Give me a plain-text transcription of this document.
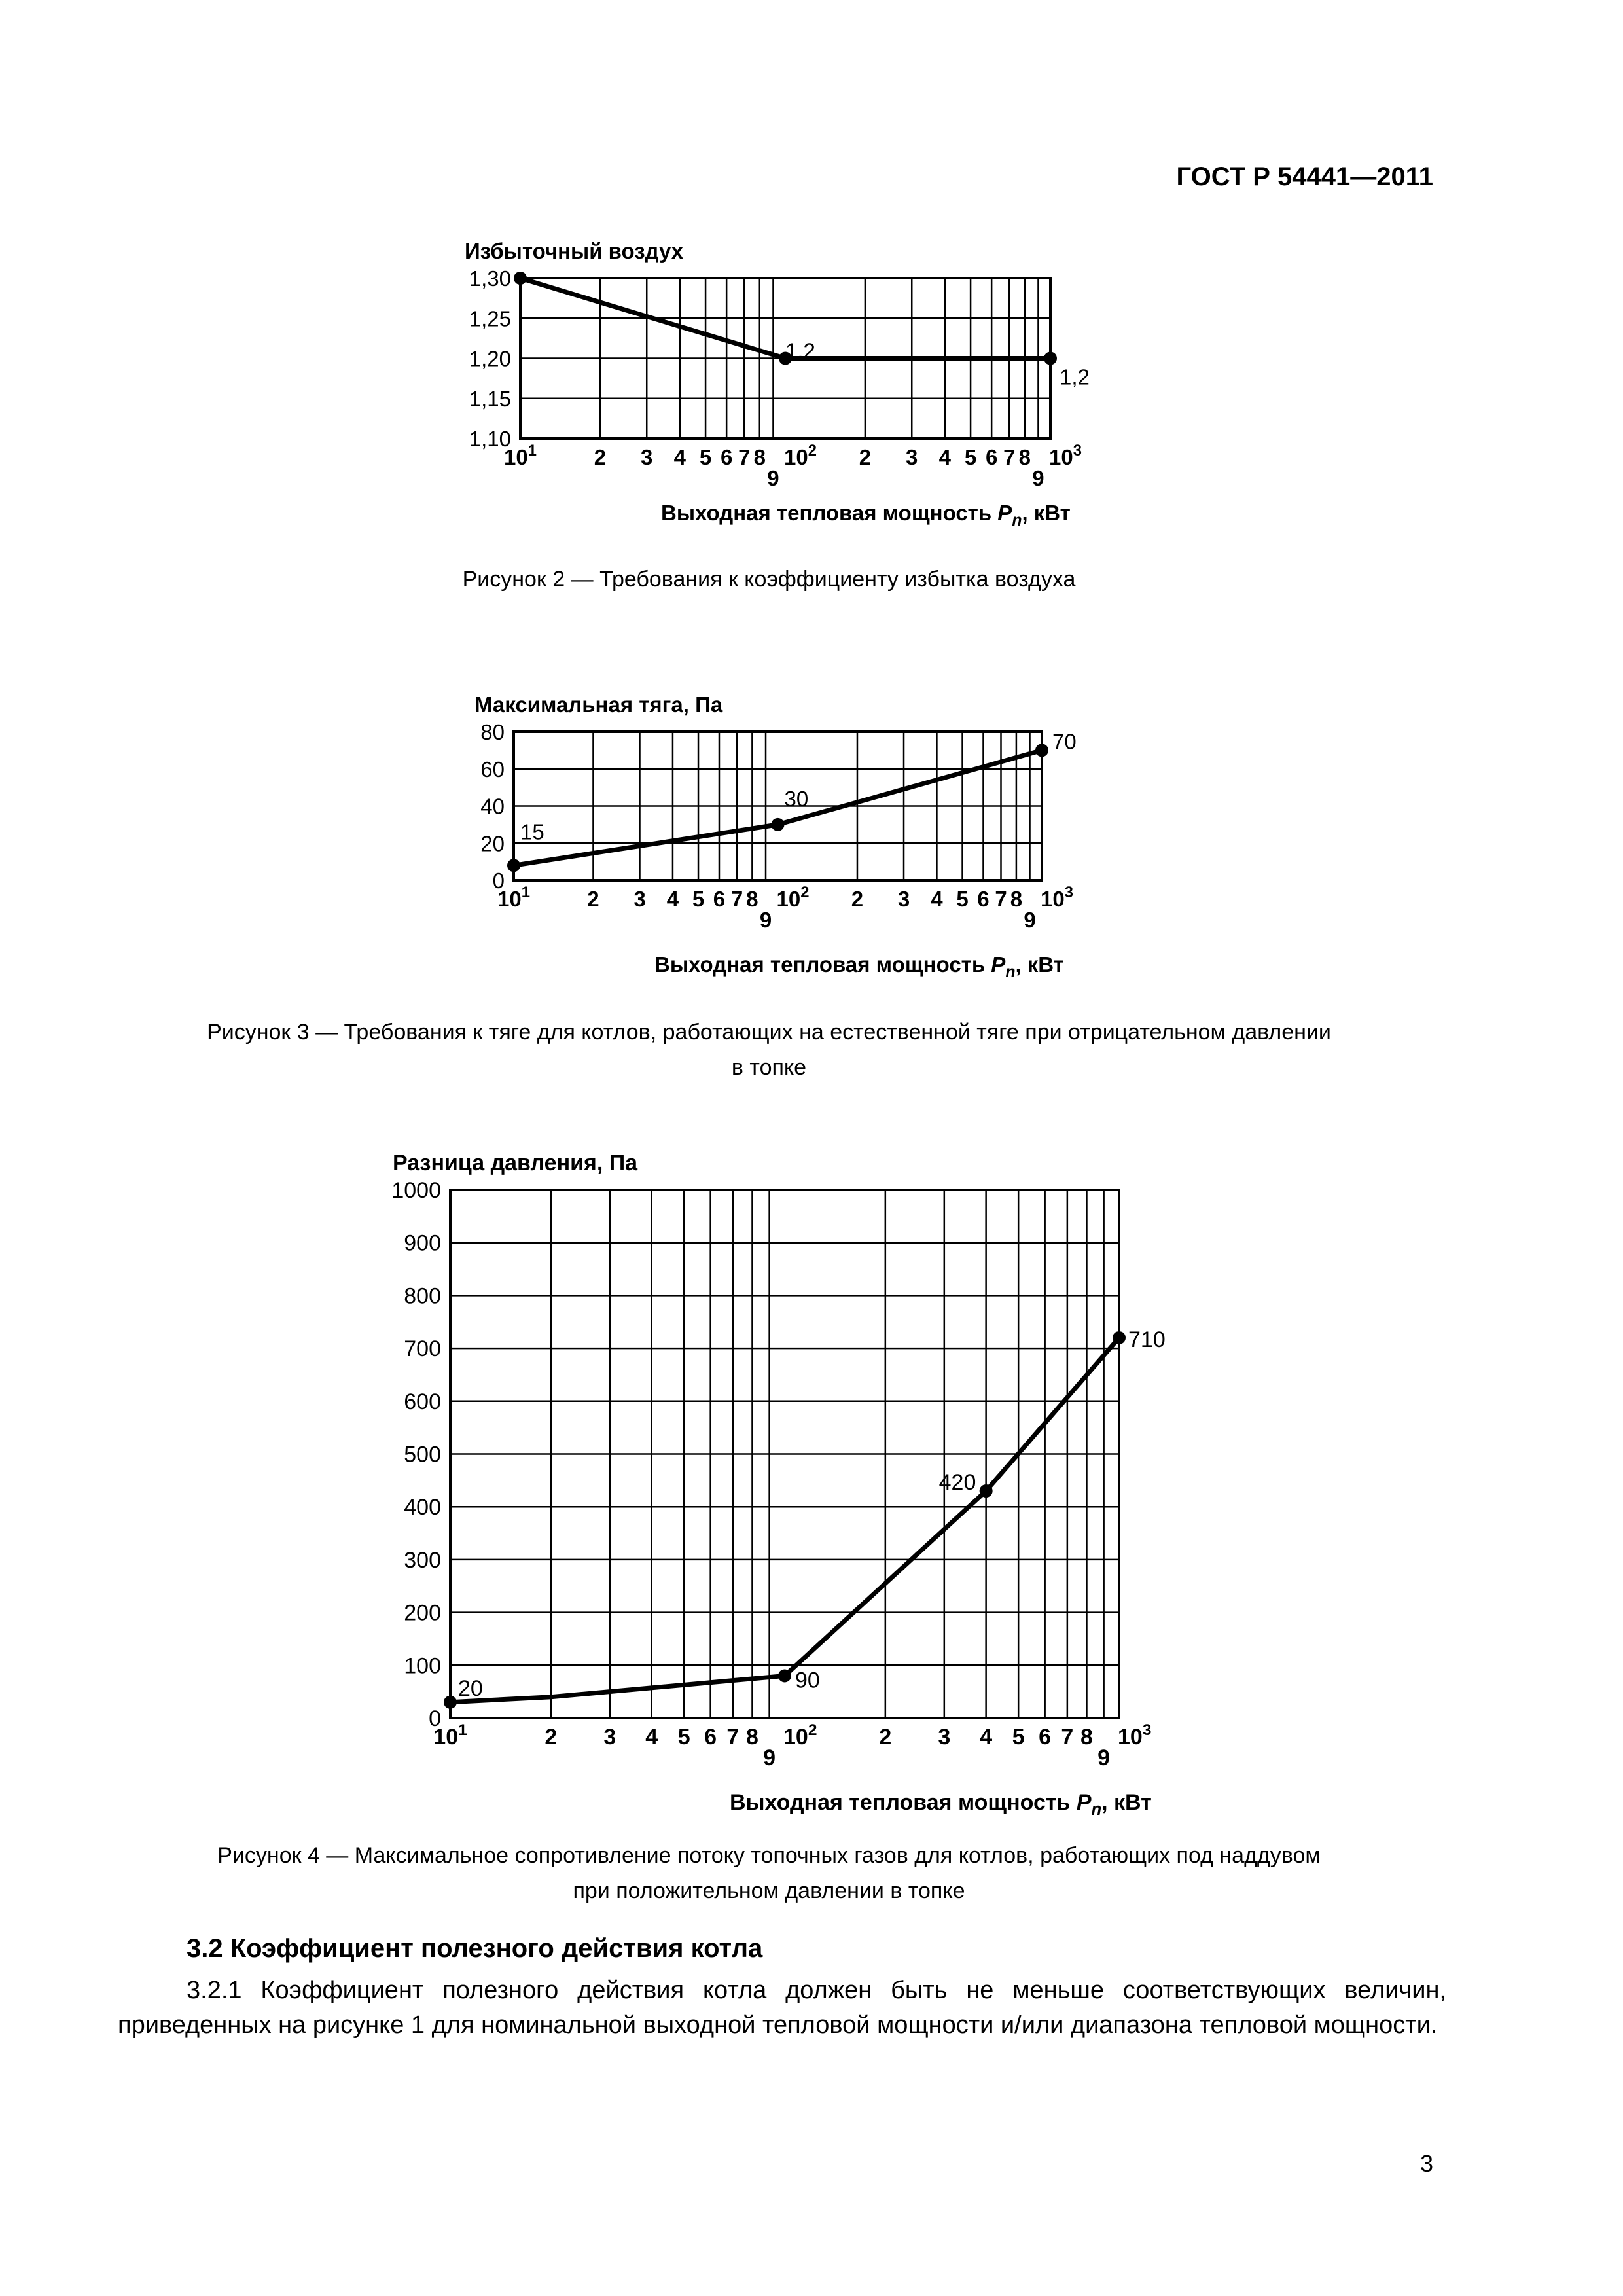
ГОСТ Р 54441—2011
1,10
1,15
1,20
1,25
1,30
Избыточный воздух
2 3 4 5 6 7 8
9
2 3 4 5 6 7 8
9
$10^1$	$10^2$	$10^3$
Выходная тепловая мощность $P_n$, кВт
1,2
1,2
Рисунок 2 — Требования к коэффициенту избытка воздуха
0
20
40
60
80
Максимальная тяга, Па
2 3 4 5 6 7 8
9
2 3 4 5 6 7 8
9
$10^1$	$10^2$	$10^3$
Выходная тепловая мощность $P_n$, кВт
15
30
70
Рисунок 3 — Требования к тяге для котлов, работающих на естественной тяге при отрицательном давлении
в топке
0
100
200
300
400
500
600
700
800
900
1000
Разница давления, Па
2 3 4 5 6 7 8
9
2 3 4 5 6 7 8
9
$10^1$	$10^2$	$10^3$
Выходная тепловая мощность $P_n$, кВт
20	90
420
710
Рисунок 4 — Максимальное сопротивление потоку топочных газов для котлов, работающих под наддувом
при положительном давлении в топке
3.2 Коэффициент полезного действия котла
3.2.1 Коэффициент полезного действия котла должен быть не меньше соответствующих величин, приведенных на рисунке 1 для номинальной выходной тепловой мощности и/или диапазона тепловой мощности.
3
